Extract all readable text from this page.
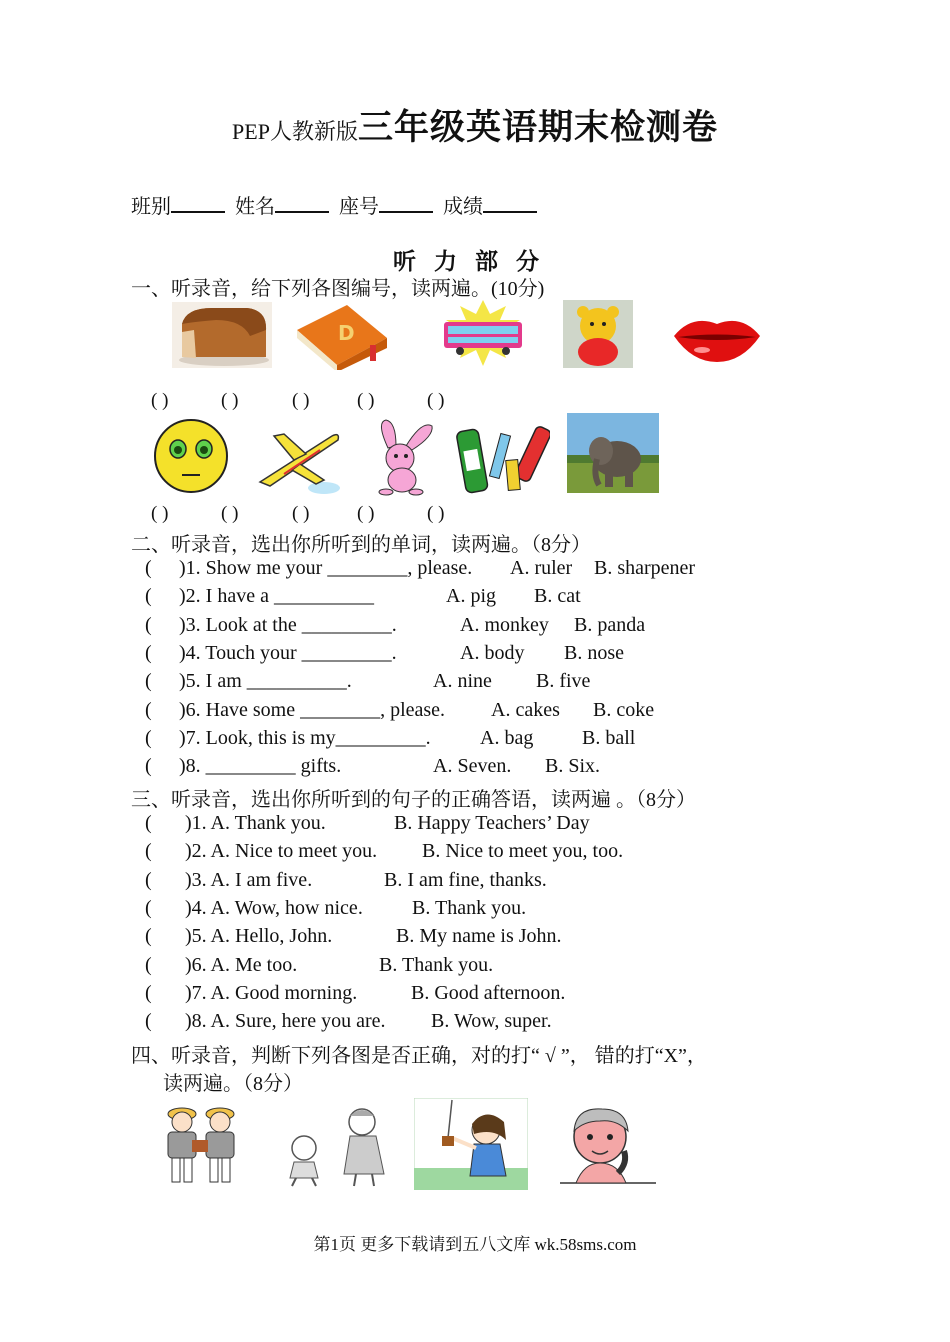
PEP人教新版三年级英语期末检测卷
班别	姓名	座号	成绩
听力部分
一、听录音，给下列各图编号，读两遍。(10分)
D
( )	( )	( )	( )	( )
( )	( )	( )	( )	( )
二、听录音，选出你所听到的单词，读两遍。（8分）
( )1. Show me your ________, please. A. ruler B. sharpener
( )2. I have a __________	A. pig B. cat
( )3. Look at the _________.	A. monkey B. panda
( )4. Touch your _________.	A. body B. nose
( )5. I am __________.	A. nine B. five
( )6. Have some ________, please. A. cakes B. coke
( )7. Look, this is my_________. A. bag B. ball
( )8. _________ gifts.	A. Seven. B. Six.
三、听录音，选出你所听到的句子的正确答语，读两遍 。（8分）
( )1. A. Thank you.	B. Happy Teachers’ Day
( )2. A. Nice to meet you. B. Nice to meet you, too.
( )3. A. I am five.	B. I am fine, thanks.
( )4. A. Wow, how nice. B. Thank you.
( )5. A. Hello, John.	B. My name is John.
( )6. A. Me too.	B. Thank you.
( )7. A. Good morning.	B. Good afternoon.
( )8. A. Sure, here you are. B. Wow, super.
四、听录音，判断下列各图是否正确，对的打“ √ ”， 错的打“X”，
读两遍。（8分）
第1页 更多下载请到五八文库 wk.58sms.com
